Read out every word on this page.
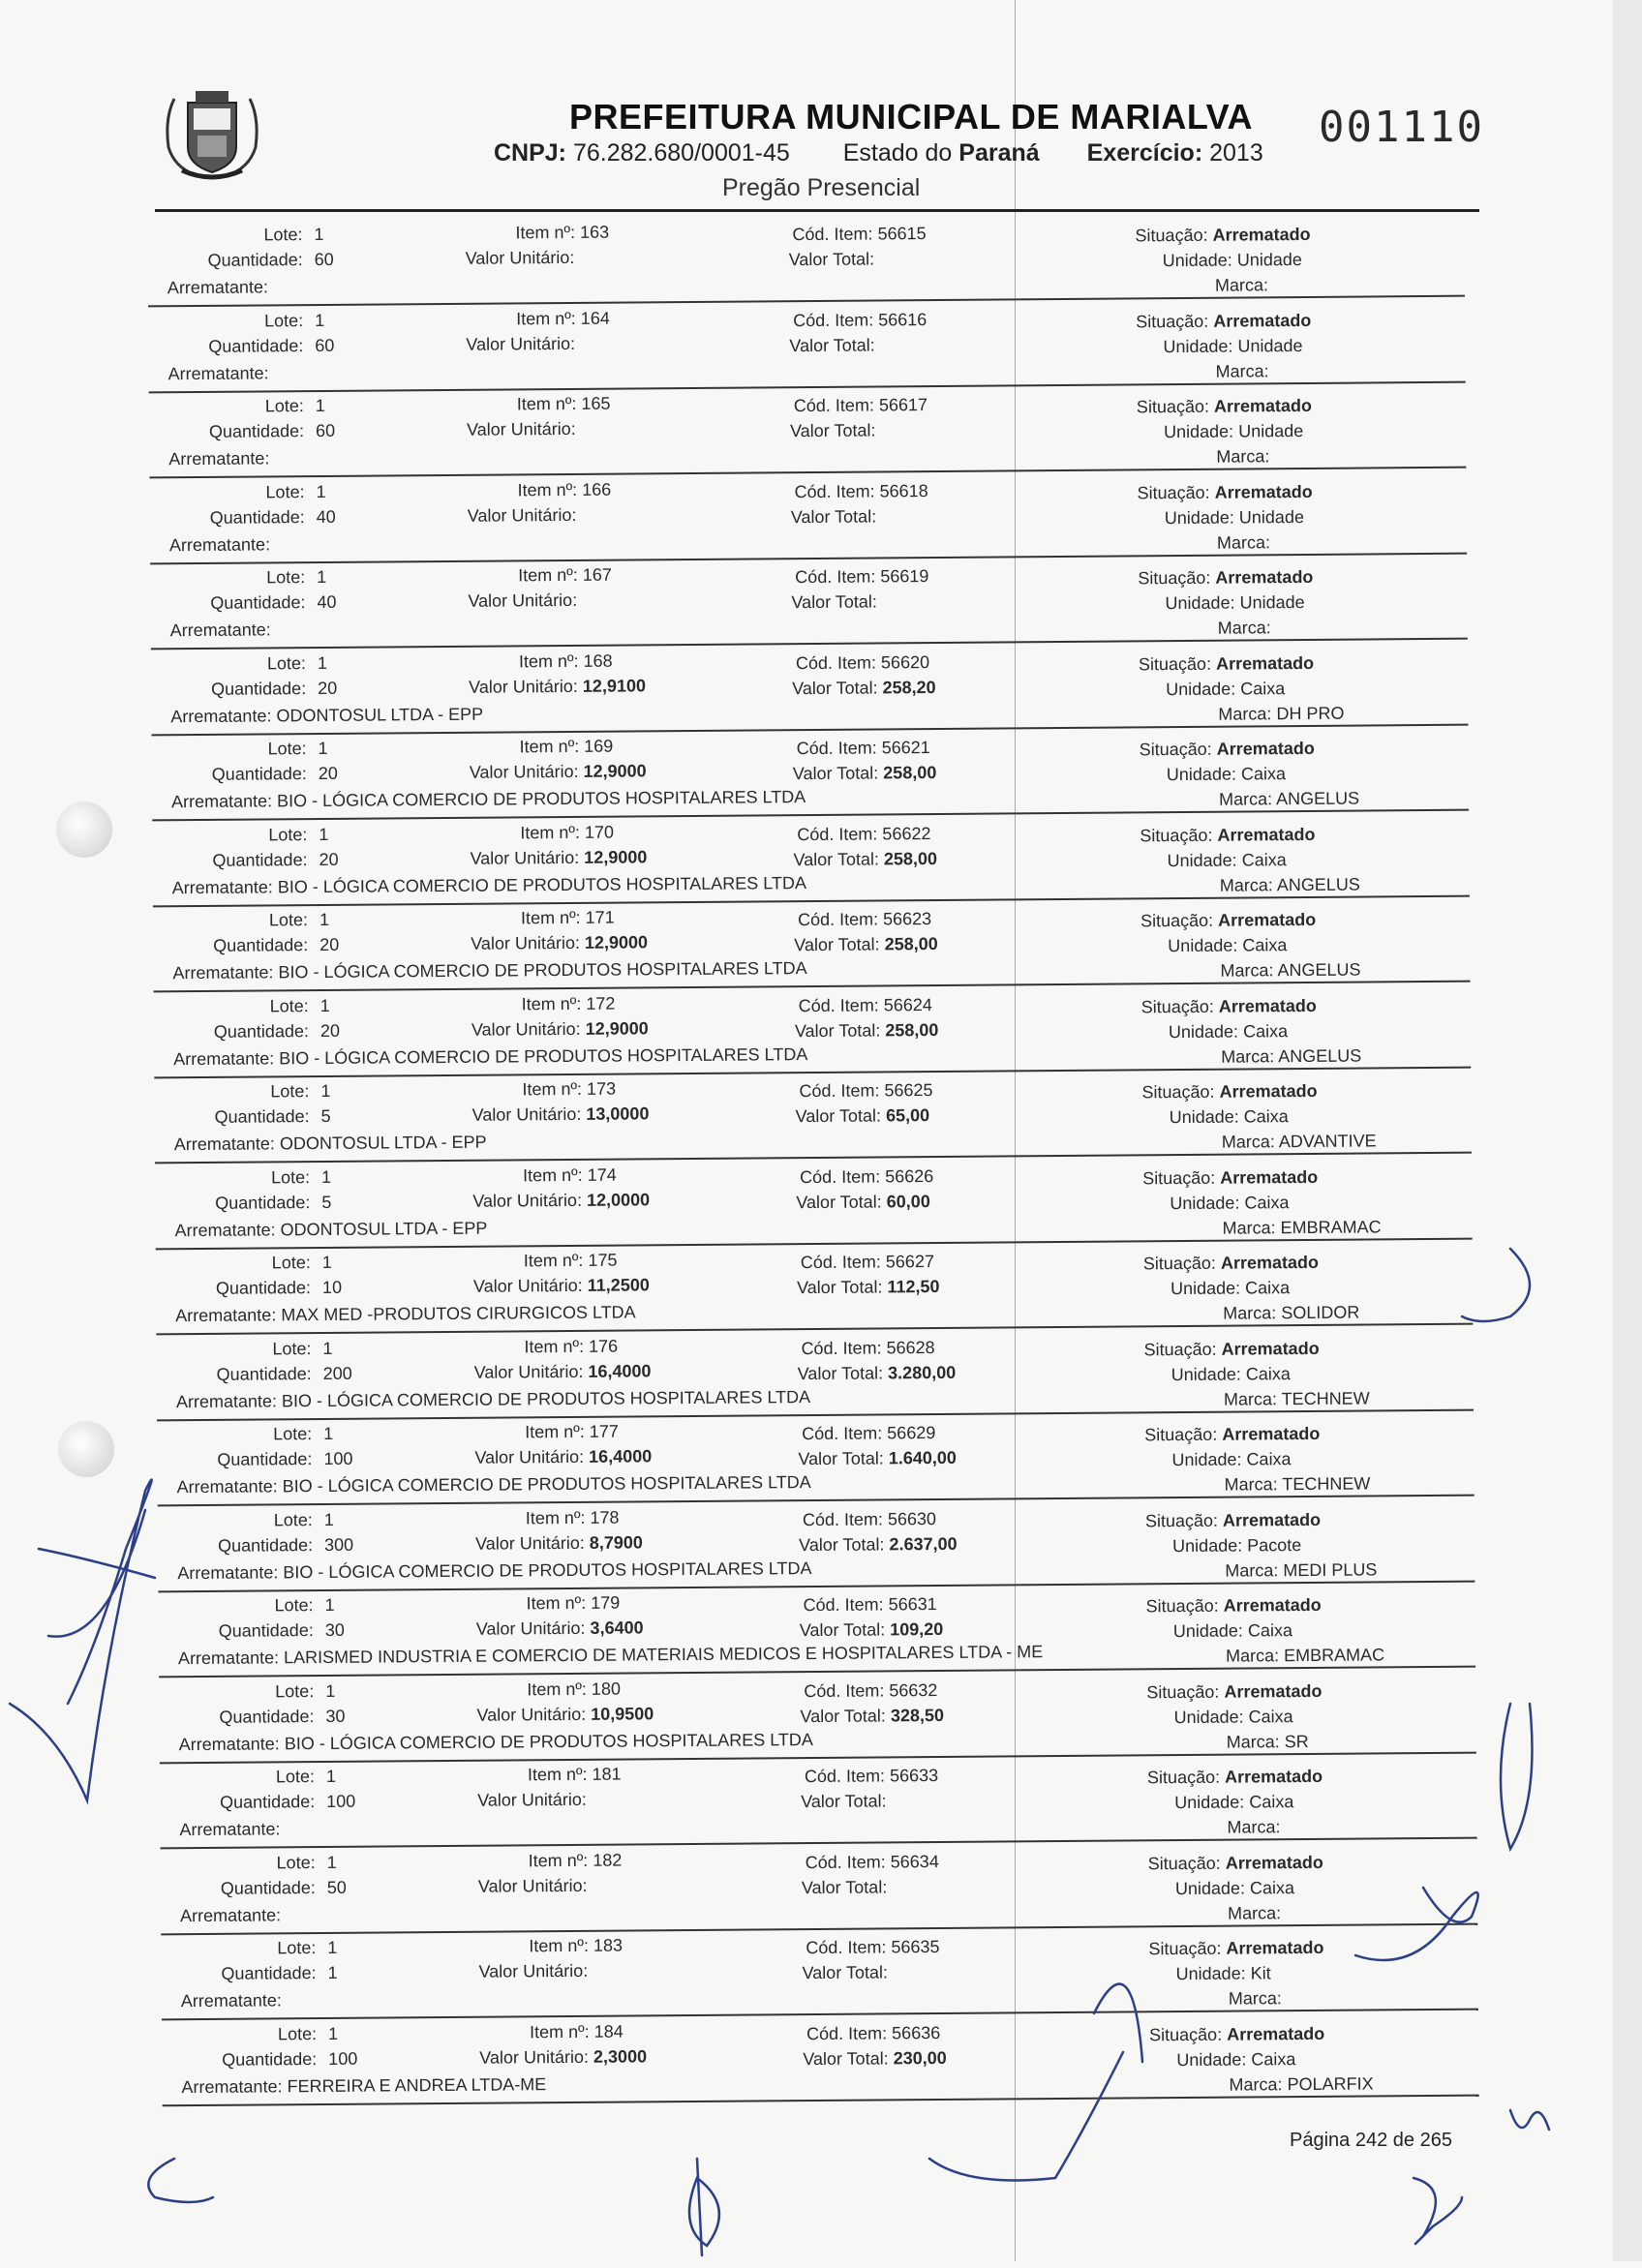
PREFEITURA MUNICIPAL DE MARIALVA
CNPJ: 76.282.680/0001-45 Estado do Paraná Exercício: 2013
Pregão Presencial
001110
Lote: 1
Quantidade: 60
Arrematante:
Item nº: 163
Valor Unitário:
Cód. Item: 56615
Valor Total:
Situação: Arrematado
Unidade: Unidade
Marca:
Lote: 1
Quantidade: 60
Arrematante:
Item nº: 164
Valor Unitário:
Cód. Item: 56616
Valor Total:
Situação: Arrematado
Unidade: Unidade
Marca:
Lote: 1
Quantidade: 60
Arrematante:
Item nº: 165
Valor Unitário:
Cód. Item: 56617
Valor Total:
Situação: Arrematado
Unidade: Unidade
Marca:
Lote: 1
Quantidade: 40
Arrematante:
Item nº: 166
Valor Unitário:
Cód. Item: 56618
Valor Total:
Situação: Arrematado
Unidade: Unidade
Marca:
Lote: 1
Quantidade: 40
Arrematante:
Item nº: 167
Valor Unitário:
Cód. Item: 56619
Valor Total:
Situação: Arrematado
Unidade: Unidade
Marca:
Lote: 1
Quantidade: 20
Arrematante: ODONTOSUL LTDA - EPP
Item nº: 168
Valor Unitário: 12,9100
Cód. Item: 56620
Valor Total: 258,20
Situação: Arrematado
Unidade: Caixa
Marca: DH PRO
Lote: 1
Quantidade: 20
Arrematante: BIO - LÓGICA COMERCIO DE PRODUTOS HOSPITALARES LTDA
Item nº: 169
Valor Unitário: 12,9000
Cód. Item: 56621
Valor Total: 258,00
Situação: Arrematado
Unidade: Caixa
Marca: ANGELUS
Lote: 1
Quantidade: 20
Arrematante: BIO - LÓGICA COMERCIO DE PRODUTOS HOSPITALARES LTDA
Item nº: 170
Valor Unitário: 12,9000
Cód. Item: 56622
Valor Total: 258,00
Situação: Arrematado
Unidade: Caixa
Marca: ANGELUS
Lote: 1
Quantidade: 20
Arrematante: BIO - LÓGICA COMERCIO DE PRODUTOS HOSPITALARES LTDA
Item nº: 171
Valor Unitário: 12,9000
Cód. Item: 56623
Valor Total: 258,00
Situação: Arrematado
Unidade: Caixa
Marca: ANGELUS
Lote: 1
Quantidade: 20
Arrematante: BIO - LÓGICA COMERCIO DE PRODUTOS HOSPITALARES LTDA
Item nº: 172
Valor Unitário: 12,9000
Cód. Item: 56624
Valor Total: 258,00
Situação: Arrematado
Unidade: Caixa
Marca: ANGELUS
Lote: 1
Quantidade: 5
Arrematante: ODONTOSUL LTDA - EPP
Item nº: 173
Valor Unitário: 13,0000
Cód. Item: 56625
Valor Total: 65,00
Situação: Arrematado
Unidade: Caixa
Marca: ADVANTIVE
Lote: 1
Quantidade: 5
Arrematante: ODONTOSUL LTDA - EPP
Item nº: 174
Valor Unitário: 12,0000
Cód. Item: 56626
Valor Total: 60,00
Situação: Arrematado
Unidade: Caixa
Marca: EMBRAMAC
Lote: 1
Quantidade: 10
Arrematante: MAX MED -PRODUTOS CIRURGICOS LTDA
Item nº: 175
Valor Unitário: 11,2500
Cód. Item: 56627
Valor Total: 112,50
Situação: Arrematado
Unidade: Caixa
Marca: SOLIDOR
Lote: 1
Quantidade: 200
Arrematante: BIO - LÓGICA COMERCIO DE PRODUTOS HOSPITALARES LTDA
Item nº: 176
Valor Unitário: 16,4000
Cód. Item: 56628
Valor Total: 3.280,00
Situação: Arrematado
Unidade: Caixa
Marca: TECHNEW
Lote: 1
Quantidade: 100
Arrematante: BIO - LÓGICA COMERCIO DE PRODUTOS HOSPITALARES LTDA
Item nº: 177
Valor Unitário: 16,4000
Cód. Item: 56629
Valor Total: 1.640,00
Situação: Arrematado
Unidade: Caixa
Marca: TECHNEW
Lote: 1
Quantidade: 300
Arrematante: BIO - LÓGICA COMERCIO DE PRODUTOS HOSPITALARES LTDA
Item nº: 178
Valor Unitário: 8,7900
Cód. Item: 56630
Valor Total: 2.637,00
Situação: Arrematado
Unidade: Pacote
Marca: MEDI PLUS
Lote: 1
Quantidade: 30
Arrematante: LARISMED INDUSTRIA E COMERCIO DE MATERIAIS MEDICOS E HOSPITALARES LTDA - ME
Item nº: 179
Valor Unitário: 3,6400
Cód. Item: 56631
Valor Total: 109,20
Situação: Arrematado
Unidade: Caixa
Marca: EMBRAMAC
Lote: 1
Quantidade: 30
Arrematante: BIO - LÓGICA COMERCIO DE PRODUTOS HOSPITALARES LTDA
Item nº: 180
Valor Unitário: 10,9500
Cód. Item: 56632
Valor Total: 328,50
Situação: Arrematado
Unidade: Caixa
Marca: SR
Lote: 1
Quantidade: 100
Arrematante:
Item nº: 181
Valor Unitário:
Cód. Item: 56633
Valor Total:
Situação: Arrematado
Unidade: Caixa
Marca:
Lote: 1
Quantidade: 50
Arrematante:
Item nº: 182
Valor Unitário:
Cód. Item: 56634
Valor Total:
Situação: Arrematado
Unidade: Caixa
Marca:
Lote: 1
Quantidade: 1
Arrematante:
Item nº: 183
Valor Unitário:
Cód. Item: 56635
Valor Total:
Situação: Arrematado
Unidade: Kit
Marca:
Lote: 1
Quantidade: 100
Arrematante: FERREIRA E ANDREA LTDA-ME
Item nº: 184
Valor Unitário: 2,3000
Cód. Item: 56636
Valor Total: 230,00
Situação: Arrematado
Unidade: Caixa
Marca: POLARFIX
Página 242 de 265
